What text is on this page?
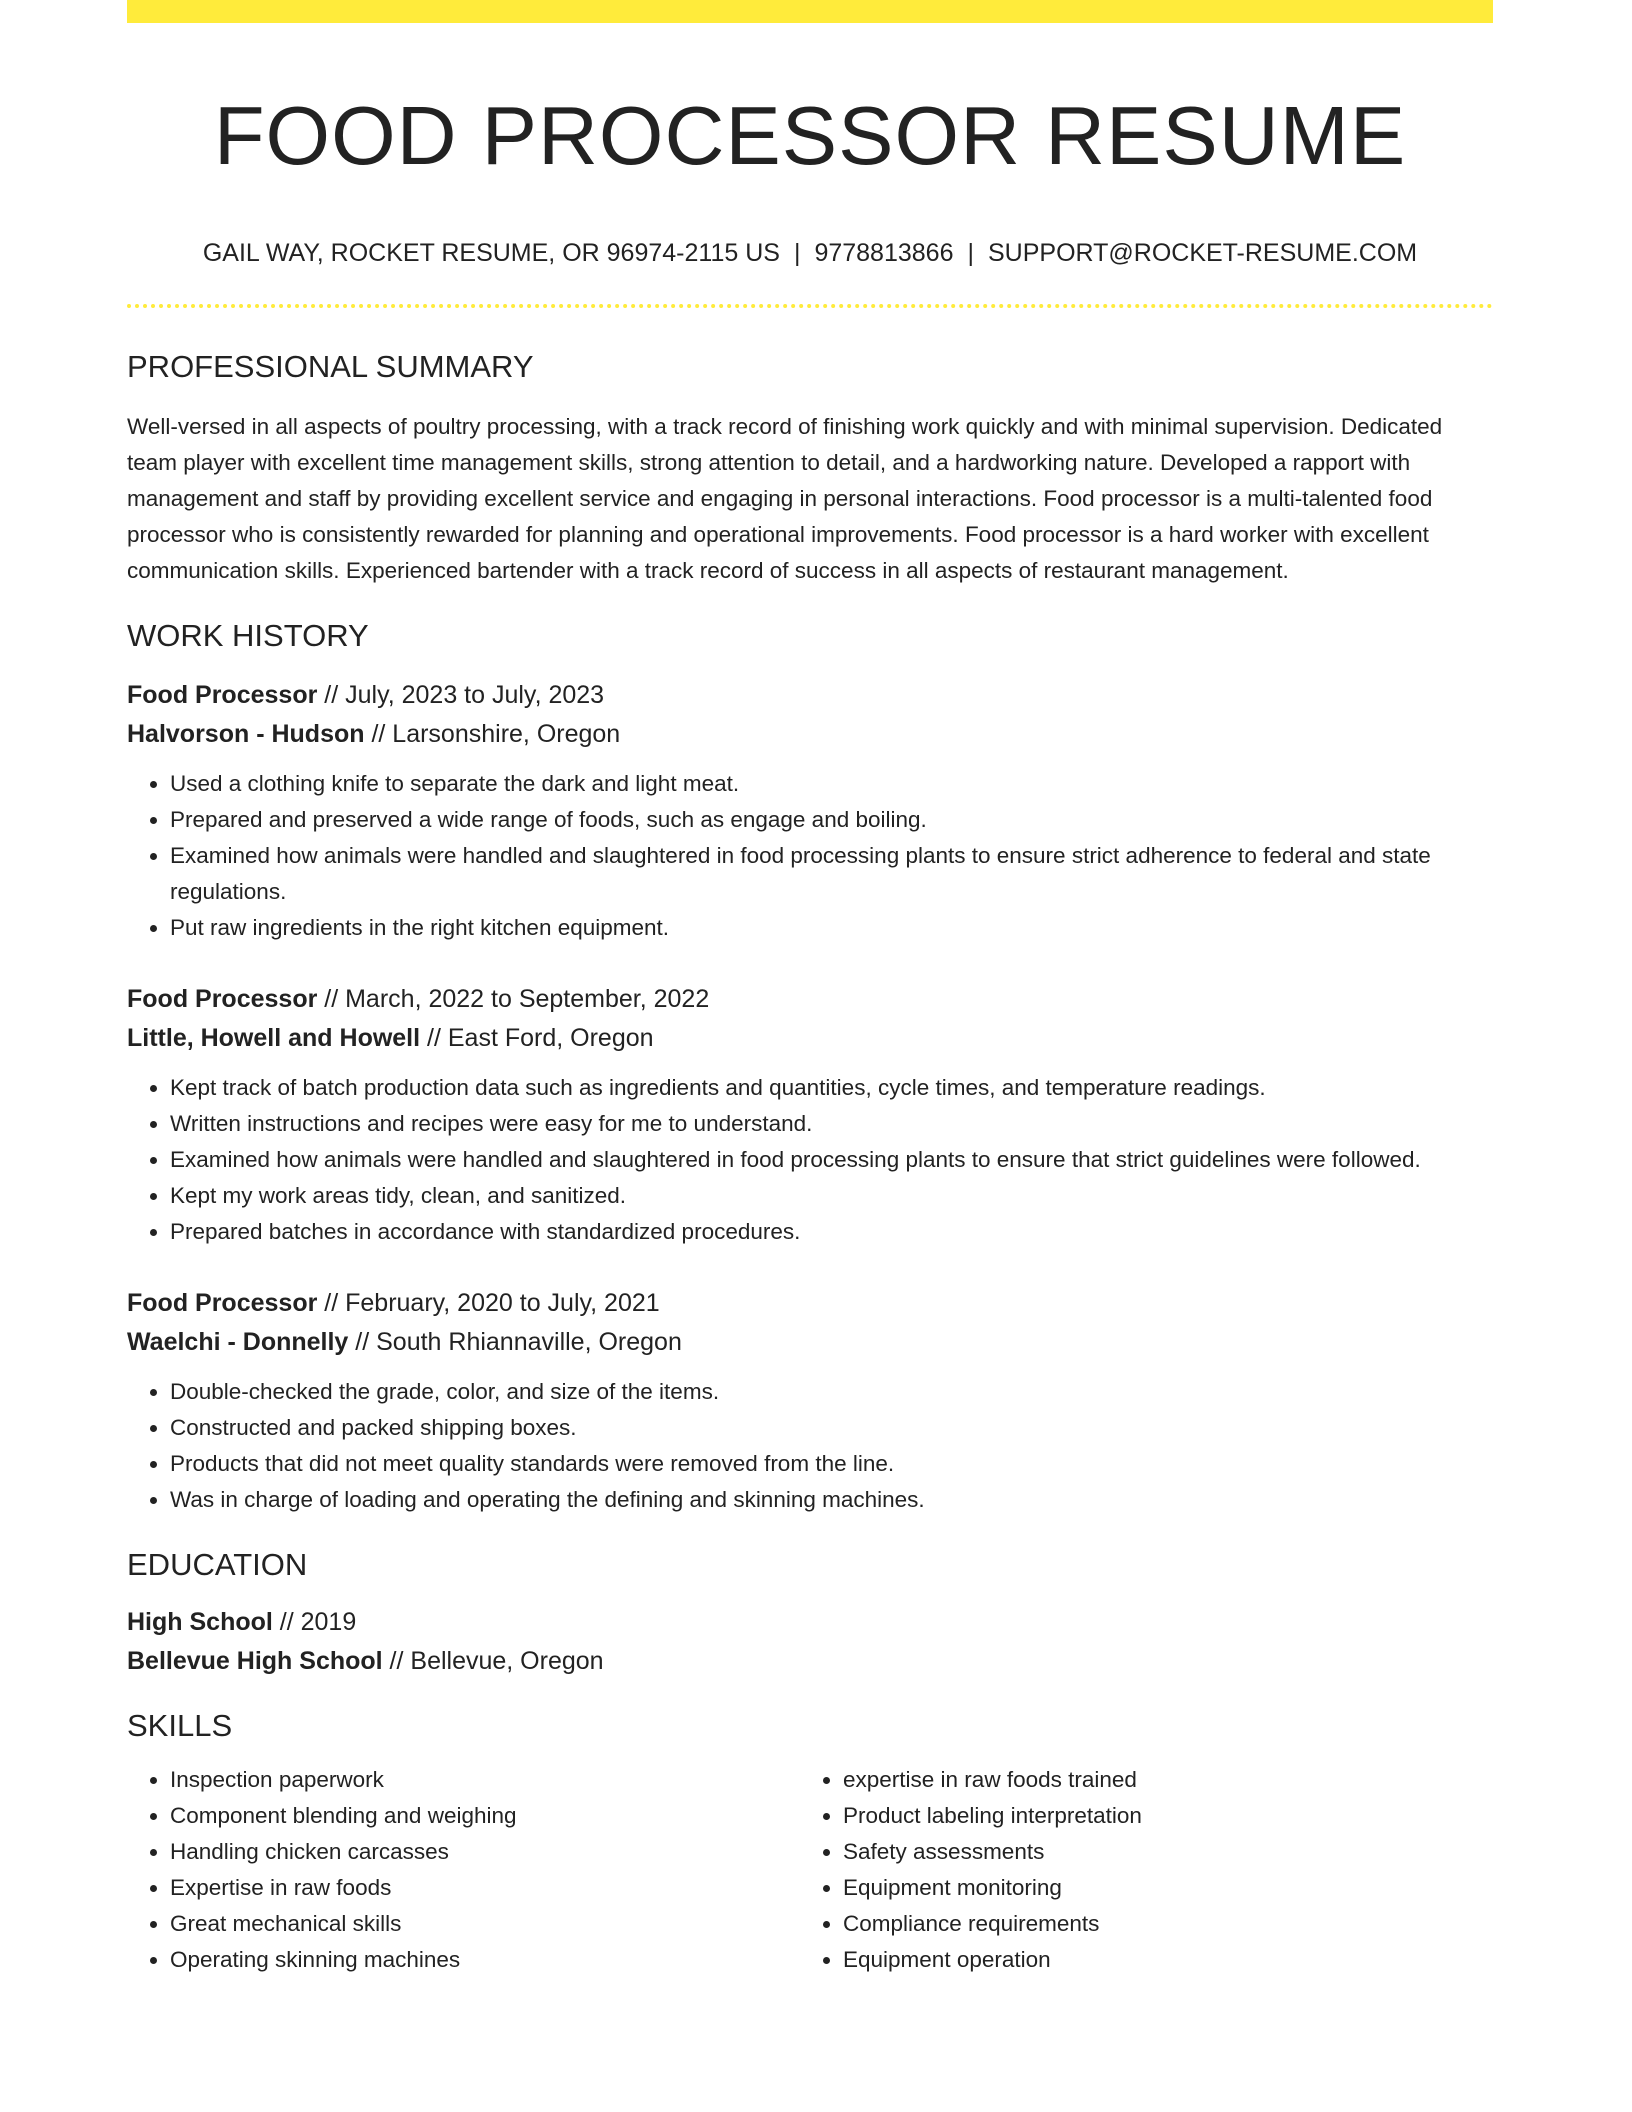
FOOD PROCESSOR RESUME
GAIL WAY, ROCKET RESUME, OR 96974-2115 US | 9778813866 | SUPPORT@ROCKET-RESUME.COM
PROFESSIONAL SUMMARY

Well-versed in all aspects of poultry processing, with a track record of finishing work quickly and with minimal supervision. Dedicated team player with excellent time management skills, strong attention to detail, and a hardworking nature. Developed a rapport with management and staff by providing excellent service and engaging in personal interactions. Food processor is a multi-talented food processor who is consistently rewarded for planning and operational improvements. Food processor is a hard worker with excellent communication skills. Experienced bartender with a track record of success in all aspects of restaurant management.

WORK HISTORY
Food Processor // July, 2023 to July, 2023
Halvorson - Hudson // Larsonshire, Oregon
• Used a clothing knife to separate the dark and light meat.
• Prepared and preserved a wide range of foods, such as engage and boiling.
• Examined how animals were handled and slaughtered in food processing plants to ensure strict adherence to federal and state regulations.
• Put raw ingredients in the right kitchen equipment.
Food Processor // March, 2022 to September, 2022
Little, Howell and Howell // East Ford, Oregon
• Kept track of batch production data such as ingredients and quantities, cycle times, and temperature readings.
• Written instructions and recipes were easy for me to understand.
• Examined how animals were handled and slaughtered in food processing plants to ensure that strict guidelines were followed.
• Kept my work areas tidy, clean, and sanitized.
• Prepared batches in accordance with standardized procedures.
Food Processor // February, 2020 to July, 2021
Waelchi - Donnelly // South Rhiannaville, Oregon
• Double-checked the grade, color, and size of the items.
• Constructed and packed shipping boxes.
• Products that did not meet quality standards were removed from the line.
• Was in charge of loading and operating the defining and skinning machines.
EDUCATION
High School // 2019
Bellevue High School // Bellevue, Oregon
SKILLS
• Inspection paperwork
• Component blending and weighing
• Handling chicken carcasses
• Expertise in raw foods
• Great mechanical skills
• Operating skinning machines
• expertise in raw foods trained
• Product labeling interpretation
• Safety assessments
• Equipment monitoring
• Compliance requirements
• Equipment operation
